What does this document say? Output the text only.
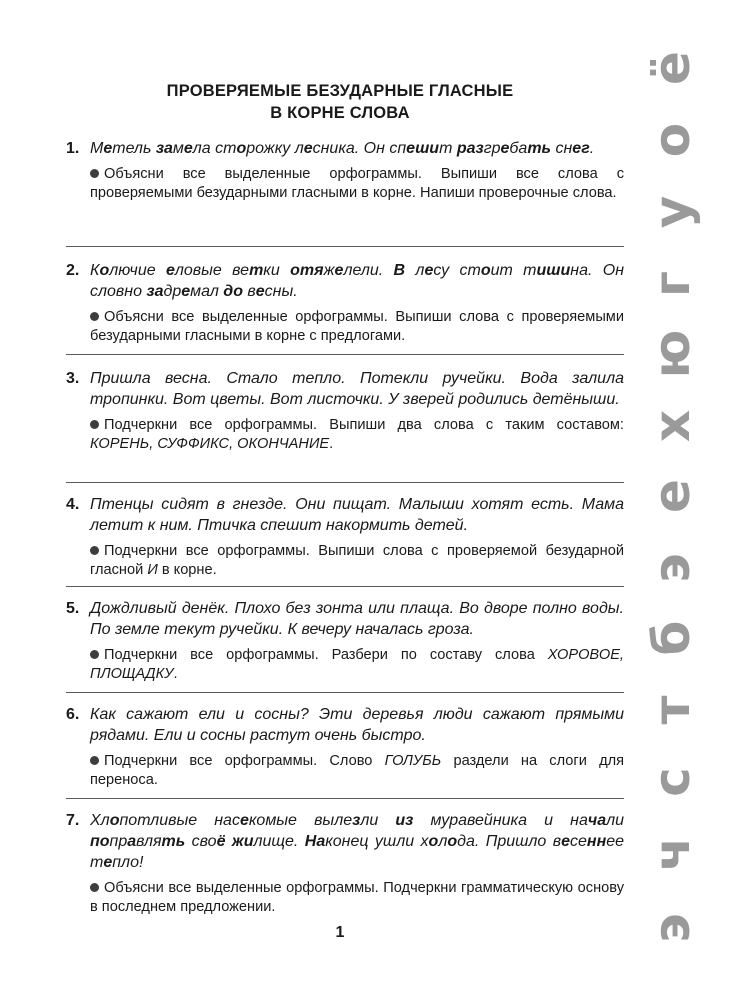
ПРОВЕРЯЕМЫЕ БЕЗУДАРНЫЕ ГЛАСНЫЕ
В КОРНЕ СЛОВА
1. Метель замела сторожку лесника. Он спешит разгребать снег.
Объясни все выделенные орфограммы. Выпиши все слова с проверяемыми безударными гласными в корне. Напиши проверочные слова.
2. Колючие еловые ветки отяжелели. В лесу стоит тишина. Он словно задремал до весны.
Объясни все выделенные орфограммы. Выпиши слова с проверяемыми безударными гласными в корне с предлогами.
3. Пришла весна. Стало тепло. Потекли ручейки. Вода залила тропинки. Вот цветы. Вот листочки. У зверей родились детёныши.
Подчеркни все орфограммы. Выпиши два слова с таким составом: КОРЕНЬ, СУФФИКС, ОКОНЧАНИЕ.
4. Птенцы сидят в гнезде. Они пищат. Малыши хотят есть. Мама летит к ним. Птичка спешит накормить детей.
Подчеркни все орфограммы. Выпиши слова с проверяемой безударной гласной И в корне.
5. Дождливый денёк. Плохо без зонта или плаща. Во дворе полно воды. По земле текут ручейки. К вечеру началась гроза.
Подчеркни все орфограммы. Разбери по составу слова ХОРОВОЕ, ПЛОЩАДКУ.
6. Как сажают ели и сосны? Эти деревья люди сажают прямыми рядами. Ели и сосны растут очень быстро.
Подчеркни все орфограммы. Слово ГОЛУБЬ раздели на слоги для переноса.
7. Хлопотливые насекомые вылезли из муравейника и начали поправлять своё жилище. Наконец ушли холода. Пришло весеннее тепло!
Объясни все выделенные орфограммы. Подчеркни грамматическую основу в последнем предложении.
1
ё
о
у
г
ю
х
е
э
б
т
с
ч
э
